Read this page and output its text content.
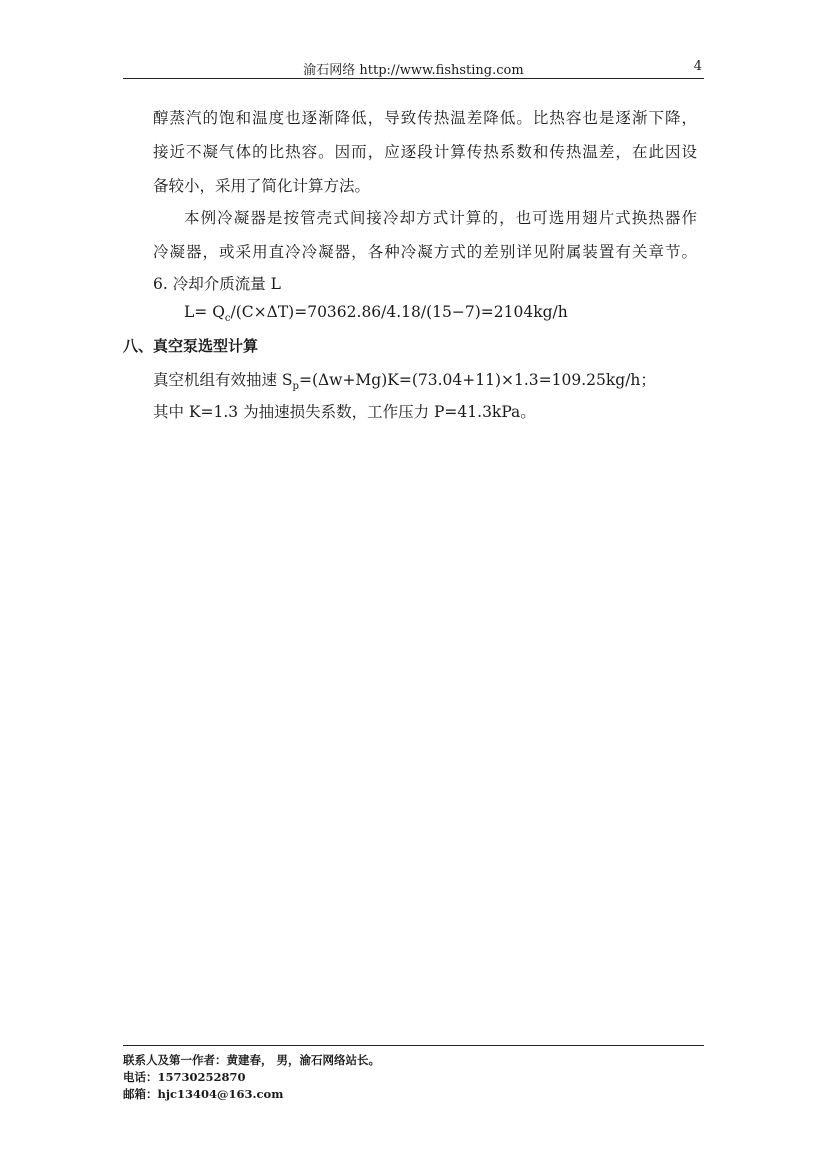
渝石网络 http://www.fishsting.com	4
醇蒸汽的饱和温度也逐渐降低，导致传热温差降低。比热容也是逐渐下降，
接近不凝气体的比热容。因而，应逐段计算传热系数和传热温差，在此因设
备较小，采用了简化计算方法。
本例冷凝器是按管壳式间接冷却方式计算的，也可选用翅片式换热器作
冷凝器，或采用直冷冷凝器，各种冷凝方式的差别详见附属装置有关章节。
6. 冷却介质流量 L
$L= Q_c/(C\times\Delta T)=70362.86/4.18/(15-7)=2104kg/h$
八、真空泵选型计算
真空机组有效抽速 $S_p=(\Delta w+Mg)K=(73.04+11)\times 1.3=109.25kg/h$；
其中 K=1.3 为抽速损失系数，工作压力 P=41.3kPa。
联系人及第一作者：黄建春， 男，渝石网络站长。
电话：15730252870
邮箱：hjc13404@163.com
